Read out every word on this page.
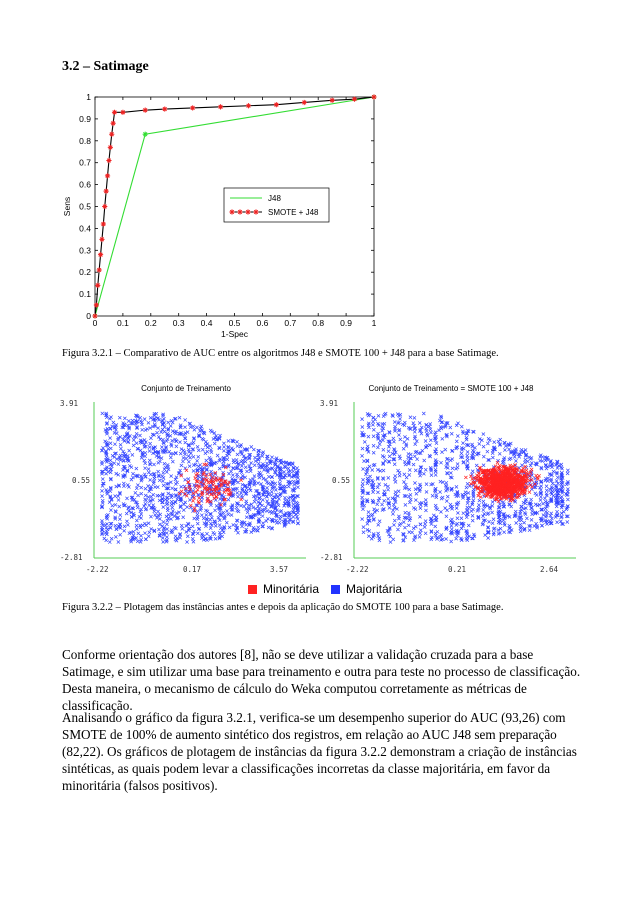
3.2 – Satimage
0 0.1 0.2 0.3 0.4 0.5 0.6 0.7 0.8 0.9 1
0
0.1
0.2
0.3
0.4
0.5
0.6
0.7
0.8
0.9
1
1-Spec
Sens	J48
SMOTE + J48
Figura 3.2.1 – Comparativo de AUC entre os algoritmos J48 e SMOTE 100 + J48 para a base Satimage.
Conjunto de Treinamento
3.91
0.55
-2.81
-2.22	0.17	3.57
Conjunto de Treinamento = SMOTE 100 + J48
3.91
0.55
-2.81
-2.22	0.21	2.64
Minoritária	Majoritária
Figura 3.2.2 – Plotagem das instâncias antes e depois da aplicação do SMOTE 100 para a base Satimage.

Conforme orientação dos autores [8], não se deve utilizar a validação cruzada para a base Satimage, e sim utilizar uma base para treinamento e outra para teste no processo de classificação. Desta maneira, o mecanismo de cálculo do Weka computou corretamente as métricas de classificação.

Analisando o gráfico da figura 3.2.1, verifica-se um desempenho superior do AUC (93,26) com SMOTE de 100% de aumento sintético dos registros, em relação ao AUC J48 sem preparação (82,22). Os gráficos de plotagem de instâncias da figura 3.2.2 demonstram a criação de instâncias sintéticas, as quais podem levar a classificações incorretas da classe majoritária, em favor da minoritária (falsos positivos).
